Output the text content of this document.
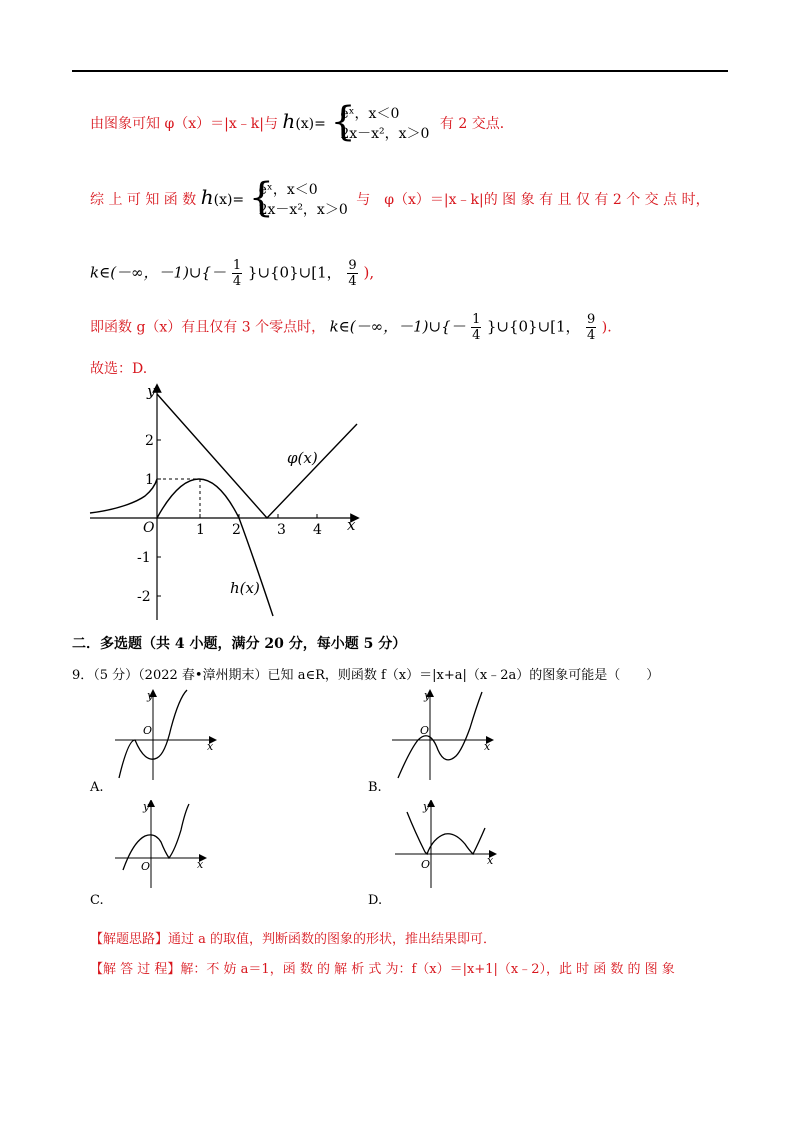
由图象可知 φ（x）＝|x﹣k|与 h(x)= {
eˣ，x＜0
2x－x²，x＞0
有 2 交点．
综 上 可 知 函 数 h(x)= {
eˣ，x＜0
2x－x²，x＞0
与　φ（x）＝|x﹣k|的 图 象 有 且 仅 有 2 个 交 点 时，
k∈(－∞，－1)∪{－ $\frac{1}{4}$ }∪{0}∪[1， $\frac{9}{4}$ ),
即函数 g（x）有且仅有 3 个零点时， k∈(－∞，－1)∪{－ $\frac{1}{4}$ }∪{0}∪[1， $\frac{9}{4}$ ).
故选：D.
y
x
O
2
1
-1
-2
1 2	3 4
φ(x)
h(x)
二．多选题（共 4 小题，满分 20 分，每小题 5 分）
9．（5 分）（2022 春•漳州期末）已知 a∈R，则函数 f（x）＝|x+a|（x﹣2a）的图象可能是（　　）
y
x
O
A.
y
x
O
B.
y
x
O
C.
y
x
O
D.
【解题思路】通过 a 的取值，判断函数的图象的形状，推出结果即可．
【解 答 过 程】解：不 妨 a＝1，函 数 的 解 析 式 为：f（x）＝|x+1|（x﹣2），此 时 函 数 的 图 象
